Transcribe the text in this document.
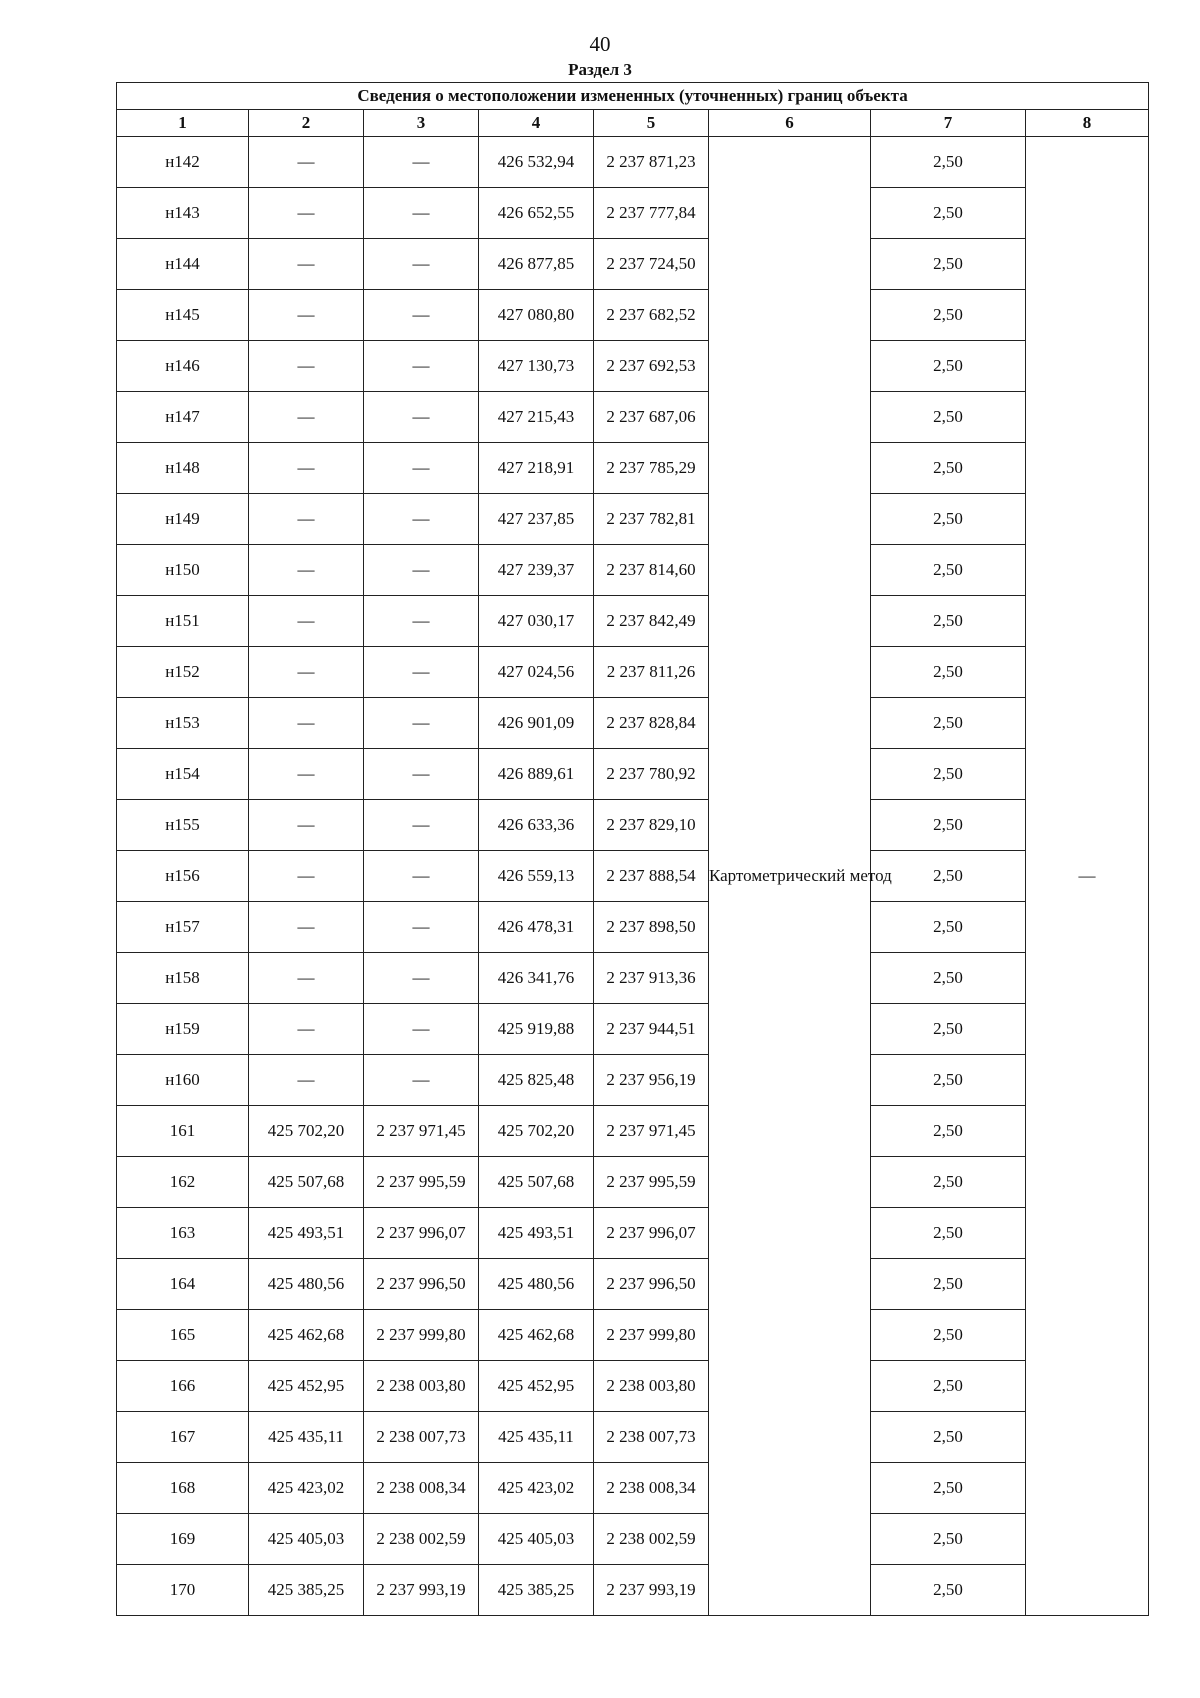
40
Раздел 3
Сведения о местоположении измененных (уточненных) границ объекта							
1	2	3	4	5	6	7	8
н142	—	—	426 532,94	2 237 871,23	Картометрический метод	2,50	—
н143	—	—	426 652,55	2 237 777,84		2,50	
н144	—	—	426 877,85	2 237 724,50		2,50	
н145	—	—	427 080,80	2 237 682,52		2,50	
н146	—	—	427 130,73	2 237 692,53		2,50	
н147	—	—	427 215,43	2 237 687,06		2,50	
н148	—	—	427 218,91	2 237 785,29		2,50	
н149	—	—	427 237,85	2 237 782,81		2,50	
н150	—	—	427 239,37	2 237 814,60		2,50	
н151	—	—	427 030,17	2 237 842,49		2,50	
н152	—	—	427 024,56	2 237 811,26		2,50	
н153	—	—	426 901,09	2 237 828,84		2,50	
н154	—	—	426 889,61	2 237 780,92		2,50	
н155	—	—	426 633,36	2 237 829,10		2,50	
н156	—	—	426 559,13	2 237 888,54		2,50	
н157	—	—	426 478,31	2 237 898,50		2,50	
н158	—	—	426 341,76	2 237 913,36		2,50	
н159	—	—	425 919,88	2 237 944,51		2,50	
н160	—	—	425 825,48	2 237 956,19		2,50	
161	425 702,20	2 237 971,45	425 702,20	2 237 971,45		2,50	
162	425 507,68	2 237 995,59	425 507,68	2 237 995,59		2,50	
163	425 493,51	2 237 996,07	425 493,51	2 237 996,07		2,50	
164	425 480,56	2 237 996,50	425 480,56	2 237 996,50		2,50	
165	425 462,68	2 237 999,80	425 462,68	2 237 999,80		2,50	
166	425 452,95	2 238 003,80	425 452,95	2 238 003,80		2,50	
167	425 435,11	2 238 007,73	425 435,11	2 238 007,73		2,50	
168	425 423,02	2 238 008,34	425 423,02	2 238 008,34		2,50	
169	425 405,03	2 238 002,59	425 405,03	2 238 002,59		2,50	
170	425 385,25	2 237 993,19	425 385,25	2 237 993,19		2,50	
